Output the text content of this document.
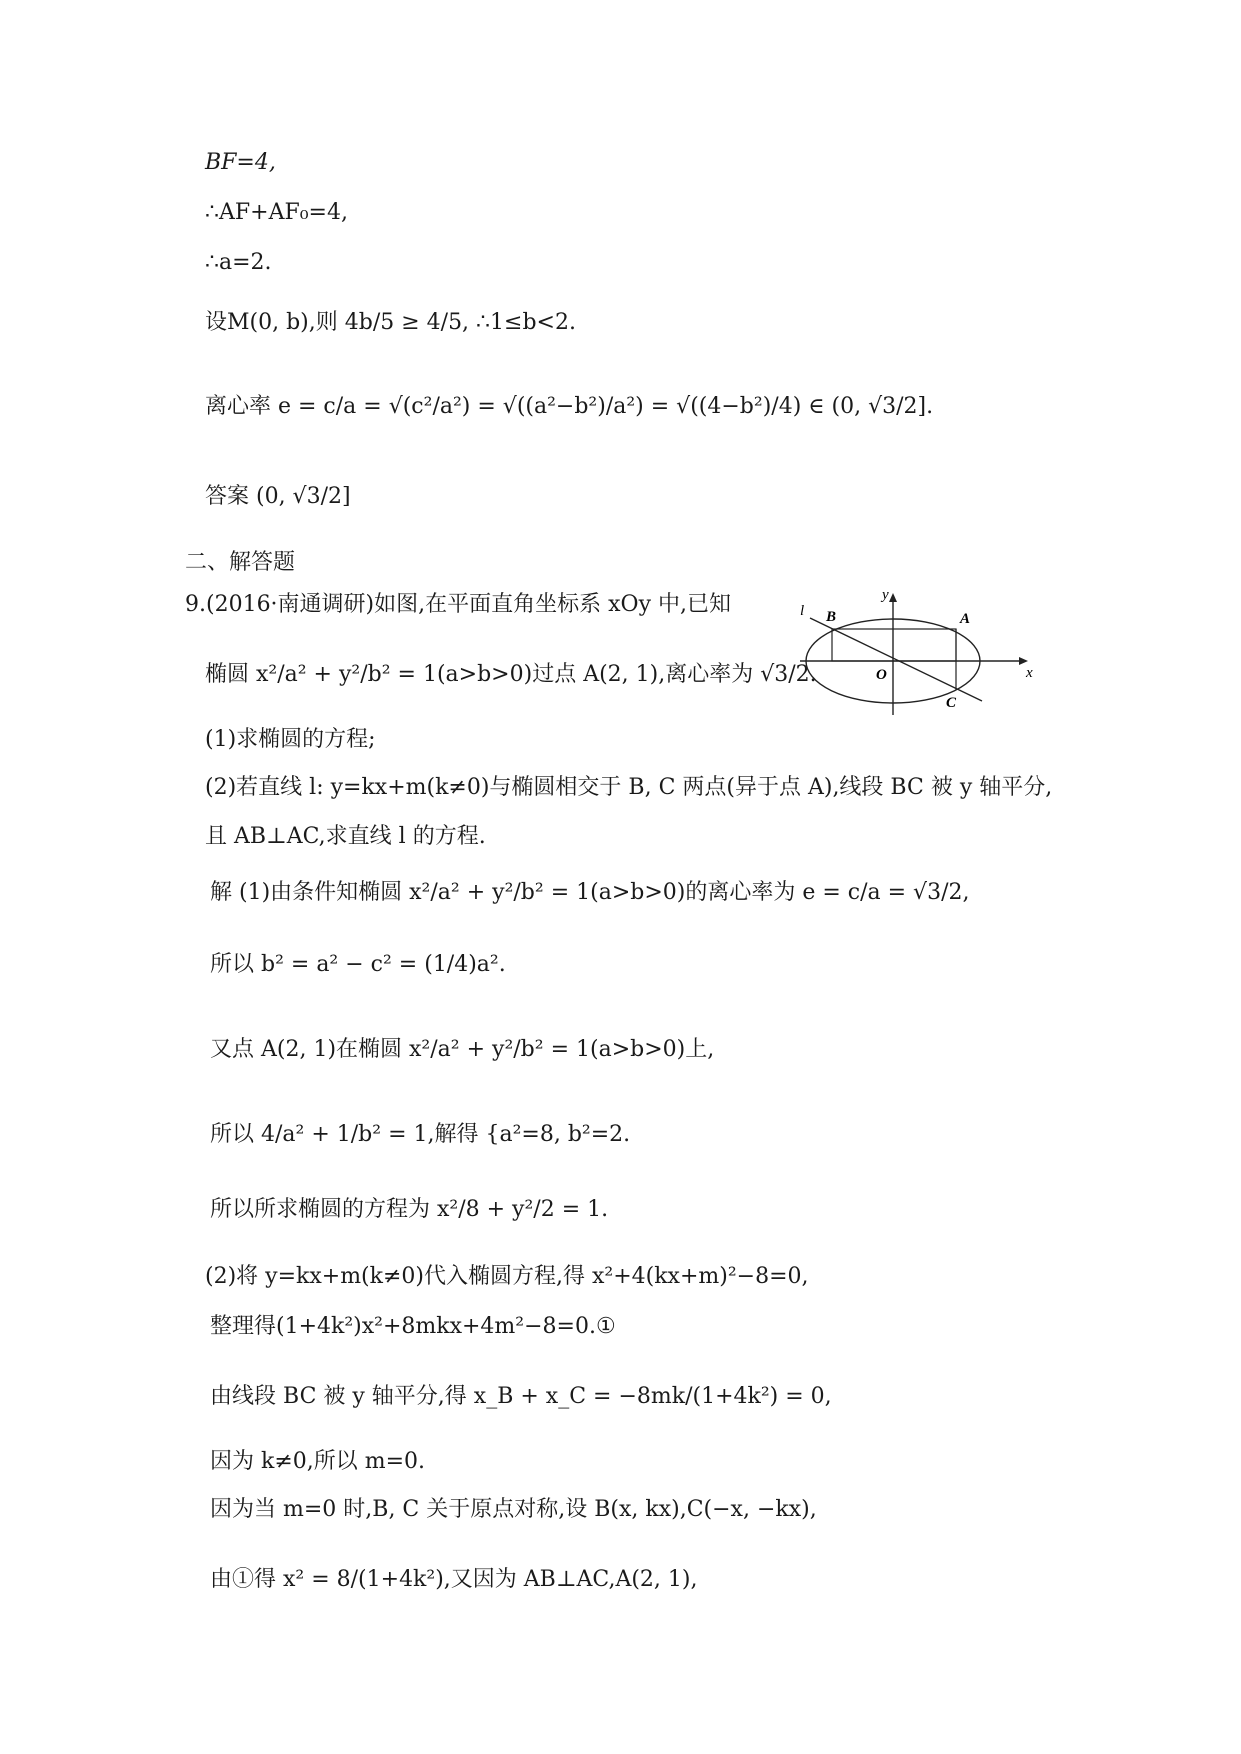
BF=4,
∴AF+AF₀=4,
∴a=2.
设M(0, b),则 4b/5 ≥ 4/5, ∴1≤b<2.
离心率 e = c/a = √(c²/a²) = √((a²−b²)/a²) = √((4−b²)/4) ∈ (0, √3/2].
答案 (0, √3/2]
二、解答题
9.(2016·南通调研)如图,在平面直角坐标系 xOy 中,已知
椭圆 x²/a² + y²/b² = 1(a>b>0)过点 A(2, 1),离心率为 √3/2.
(1)求椭圆的方程;
(2)若直线 l: y=kx+m(k≠0)与椭圆相交于 B, C 两点(异于点 A),线段 BC 被 y 轴平分,
且 AB⊥AC,求直线 l 的方程.
y
x
l B	A
O
C
解 (1)由条件知椭圆 x²/a² + y²/b² = 1(a>b>0)的离心率为 e = c/a = √3/2,
所以 b² = a² − c² = (1/4)a².
又点 A(2, 1)在椭圆 x²/a² + y²/b² = 1(a>b>0)上,
所以 4/a² + 1/b² = 1,解得 {a²=8, b²=2.
所以所求椭圆的方程为 x²/8 + y²/2 = 1.
(2)将 y=kx+m(k≠0)代入椭圆方程,得 x²+4(kx+m)²−8=0,
整理得(1+4k²)x²+8mkx+4m²−8=0.①
由线段 BC 被 y 轴平分,得 x_B + x_C = −8mk/(1+4k²) = 0,
因为 k≠0,所以 m=0.
因为当 m=0 时,B, C 关于原点对称,设 B(x, kx),C(−x, −kx),
由①得 x² = 8/(1+4k²),又因为 AB⊥AC,A(2, 1),
